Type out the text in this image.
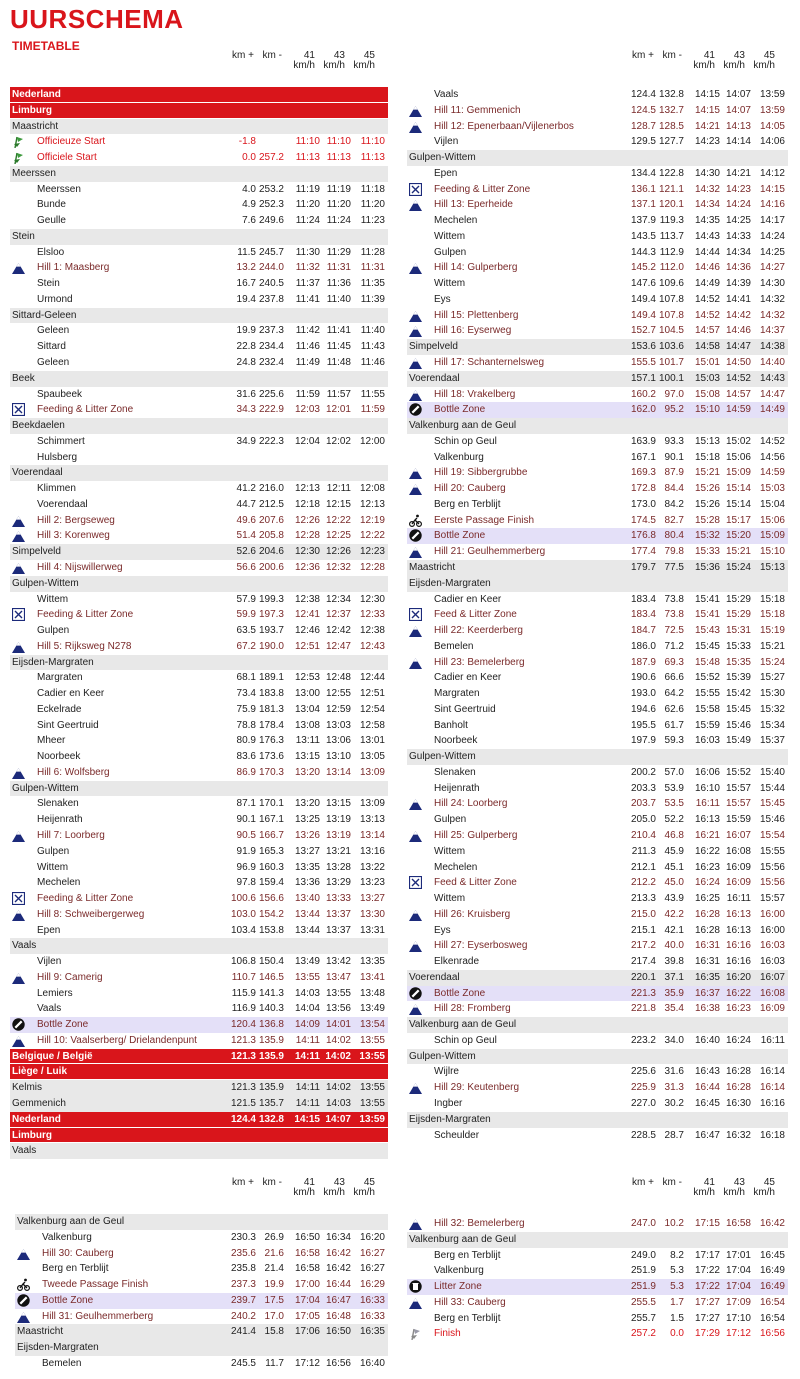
UURSCHEMA
TIMETABLE
km + km -	41	43	45
km/h km/h km/h
km + km -	41	43	45
km/h km/h km/h
km + km -	41	43	45
km/h km/h km/h
km + km -	41	43	45
km/h km/h km/h
Nederland
Limburg
Maastricht
Officieuze Start	-1.8	11:10 11:10 11:10
Officiele Start	0.0 257.2 11:13 11:13 11:13
Meerssen
Meerssen	4.0 253.2 11:19 11:19 11:18
Bunde	4.9 252.3 11:20 11:20 11:20
Geulle	7.6 249.6 11:24 11:24 11:23
Stein
Elsloo	11.5 245.7 11:30 11:29 11:28
Hill 1: Maasberg	13.2 244.0 11:32 11:31 11:31
Stein	16.7 240.5 11:37 11:36 11:35
Urmond	19.4 237.8 11:41 11:40 11:39
Sittard-Geleen
Geleen	19.9 237.3 11:42 11:41 11:40
Sittard	22.8 234.4 11:46 11:45 11:43
Geleen	24.8 232.4 11:49 11:48 11:46
Beek
Spaubeek	31.6 225.6 11:59 11:57 11:55
Feeding & Litter Zone	34.3 222.9 12:03 12:01 11:59
Beekdaelen
Schimmert	34.9 222.3 12:04 12:02 12:00
Hulsberg
Voerendaal
Klimmen	41.2 216.0 12:13 12:11 12:08
Voerendaal	44.7 212.5 12:18 12:15 12:13
Hill 2: Bergseweg	49.6 207.6 12:26 12:22 12:19
Hill 3: Korenweg	51.4 205.8 12:28 12:25 12:22
Simpelveld	52.6 204.6 12:30 12:26 12:23
Hill 4: Nijswillerweg	56.6 200.6 12:36 12:32 12:28
Gulpen-Wittem
Wittem	57.9 199.3 12:38 12:34 12:30
Feeding & Litter Zone	59.9 197.3 12:41 12:37 12:33
Gulpen	63.5 193.7 12:46 12:42 12:38
Hill 5: Rijksweg N278	67.2 190.0 12:51 12:47 12:43
Eijsden-Margraten
Margraten	68.1 189.1 12:53 12:48 12:44
Cadier en Keer	73.4 183.8 13:00 12:55 12:51
Eckelrade	75.9 181.3 13:04 12:59 12:54
Sint Geertruid	78.8 178.4 13:08 13:03 12:58
Mheer	80.9 176.3 13:11 13:06 13:01
Noorbeek	83.6 173.6 13:15 13:10 13:05
Hill 6: Wolfsberg	86.9 170.3 13:20 13:14 13:09
Gulpen-Wittem
Slenaken	87.1 170.1 13:20 13:15 13:09
Heijenrath	90.1 167.1 13:25 13:19 13:13
Hill 7: Loorberg	90.5 166.7 13:26 13:19 13:14
Gulpen	91.9 165.3 13:27 13:21 13:16
Wittem	96.9 160.3 13:35 13:28 13:22
Mechelen	97.8 159.4 13:36 13:29 13:23
Feeding & Litter Zone	100.6 156.6 13:40 13:33 13:27
Hill 8: Schweibergerweg	103.0 154.2 13:44 13:37 13:30
Epen	103.4 153.8 13:44 13:37 13:31
Vaals
Vijlen	106.8 150.4 13:49 13:42 13:35
Hill 9: Camerig	110.7 146.5 13:55 13:47 13:41
Lemiers	115.9 141.3 14:03 13:55 13:48
Vaals	116.9 140.3 14:04 13:56 13:49
Bottle Zone	120.4 136.8 14:09 14:01 13:54
Hill 10: Vaalserberg/ Drielandenpunt	121.3 135.9 14:11 14:02 13:55
Belgique / België	121.3 135.9 14:11 14:02 13:55
Liège / Luik
Kelmis	121.3 135.9 14:11 14:02 13:55
Gemmenich	121.5 135.7 14:11 14:03 13:55
Nederland	124.4 132.8 14:15 14:07 13:59
Limburg
Vaals
Vaals	124.4 132.8 14:15 14:07 13:59
Hill 11: Gemmenich	124.5 132.7 14:15 14:07 13:59
Hill 12: Epenerbaan/Vijlenerbos	128.7 128.5 14:21 14:13 14:05
Vijlen	129.5 127.7 14:23 14:14 14:06
Gulpen-Wittem
Epen	134.4 122.8 14:30 14:21 14:12
Feeding & Litter Zone	136.1 121.1 14:32 14:23 14:15
Hill 13: Eperheide	137.1 120.1 14:34 14:24 14:16
Mechelen	137.9 119.3 14:35 14:25 14:17
Wittem	143.5 113.7 14:43 14:33 14:24
Gulpen	144.3 112.9 14:44 14:34 14:25
Hill 14: Gulperberg	145.2 112.0 14:46 14:36 14:27
Wittem	147.6 109.6 14:49 14:39 14:30
Eys	149.4 107.8 14:52 14:41 14:32
Hill 15: Plettenberg	149.4 107.8 14:52 14:42 14:32
Hill 16: Eyserweg	152.7 104.5 14:57 14:46 14:37
Simpelveld	153.6 103.6 14:58 14:47 14:38
Hill 17: Schanternelsweg	155.5 101.7 15:01 14:50 14:40
Voerendaal	157.1 100.1 15:03 14:52 14:43
Hill 18: Vrakelberg	160.2 97.0 15:08 14:57 14:47
Bottle Zone	162.0 95.2 15:10 14:59 14:49
Valkenburg aan de Geul
Schin op Geul	163.9 93.3 15:13 15:02 14:52
Valkenburg	167.1 90.1 15:18 15:06 14:56
Hill 19: Sibbergrubbe	169.3 87.9 15:21 15:09 14:59
Hill 20: Cauberg	172.8 84.4 15:26 15:14 15:03
Berg en Terblijt	173.0 84.2 15:26 15:14 15:04
Eerste Passage Finish	174.5 82.7 15:28 15:17 15:06
Bottle Zone	176.8 80.4 15:32 15:20 15:09
Hill 21: Geulhemmerberg	177.4 79.8 15:33 15:21 15:10
Maastricht	179.7 77.5 15:36 15:24 15:13
Eijsden-Margraten
Cadier en Keer	183.4 73.8 15:41 15:29 15:18
Feed & Litter Zone	183.4 73.8 15:41 15:29 15:18
Hill 22: Keerderberg	184.7 72.5 15:43 15:31 15:19
Bemelen	186.0 71.2 15:45 15:33 15:21
Hill 23: Bemelerberg	187.9 69.3 15:48 15:35 15:24
Cadier en Keer	190.6 66.6 15:52 15:39 15:27
Margraten	193.0 64.2 15:55 15:42 15:30
Sint Geertruid	194.6 62.6 15:58 15:45 15:32
Banholt	195.5 61.7 15:59 15:46 15:34
Noorbeek	197.9 59.3 16:03 15:49 15:37
Gulpen-Wittem
Slenaken	200.2 57.0 16:06 15:52 15:40
Heijenrath	203.3 53.9 16:10 15:57 15:44
Hill 24: Loorberg	203.7 53.5 16:11 15:57 15:45
Gulpen	205.0 52.2 16:13 15:59 15:46
Hill 25: Gulperberg	210.4 46.8 16:21 16:07 15:54
Wittem	211.3 45.9 16:22 16:08 15:55
Mechelen	212.1 45.1 16:23 16:09 15:56
Feed & Litter Zone	212.2 45.0 16:24 16:09 15:56
Wittem	213.3 43.9 16:25 16:11 15:57
Hill 26: Kruisberg	215.0 42.2 16:28 16:13 16:00
Eys	215.1 42.1 16:28 16:13 16:00
Hill 27: Eyserbosweg	217.2 40.0 16:31 16:16 16:03
Elkenrade	217.4 39.8 16:31 16:16 16:03
Voerendaal	220.1 37.1 16:35 16:20 16:07
Bottle Zone	221.3 35.9 16:37 16:22 16:08
Hill 28: Fromberg	221.8 35.4 16:38 16:23 16:09
Valkenburg aan de Geul
Schin op Geul	223.2 34.0 16:40 16:24 16:11
Gulpen-Wittem
Wijlre	225.6 31.6 16:43 16:28 16:14
Hill 29: Keutenberg	225.9 31.3 16:44 16:28 16:14
Ingber	227.0 30.2 16:45 16:30 16:16
Eijsden-Margraten
Scheulder	228.5 28.7 16:47 16:32 16:18
Valkenburg aan de Geul
Valkenburg	230.3 26.9 16:50 16:34 16:20
Hill 30: Cauberg	235.6 21.6 16:58 16:42 16:27
Berg en Terblijt	235.8 21.4 16:58 16:42 16:27
Tweede Passage Finish	237.3 19.9 17:00 16:44 16:29
Bottle Zone	239.7 17.5 17:04 16:47 16:33
Hill 31: Geulhemmerberg	240.2 17.0 17:05 16:48 16:33
Maastricht	241.4 15.8 17:06 16:50 16:35
Eijsden-Margraten
Bemelen	245.5 11.7 17:12 16:56 16:40
Hill 32: Bemelerberg	247.0 10.2 17:15 16:58 16:42
Valkenburg aan de Geul
Berg en Terblijt	249.0 8.2 17:17 17:01 16:45
Valkenburg	251.9 5.3 17:22 17:04 16:49
Litter Zone	251.9 5.3 17:22 17:04 16:49
Hill 33: Cauberg	255.5 1.7 17:27 17:09 16:54
Berg en Terblijt	255.7 1.5 17:27 17:10 16:54
Finish	257.2 0.0 17:29 17:12 16:56
